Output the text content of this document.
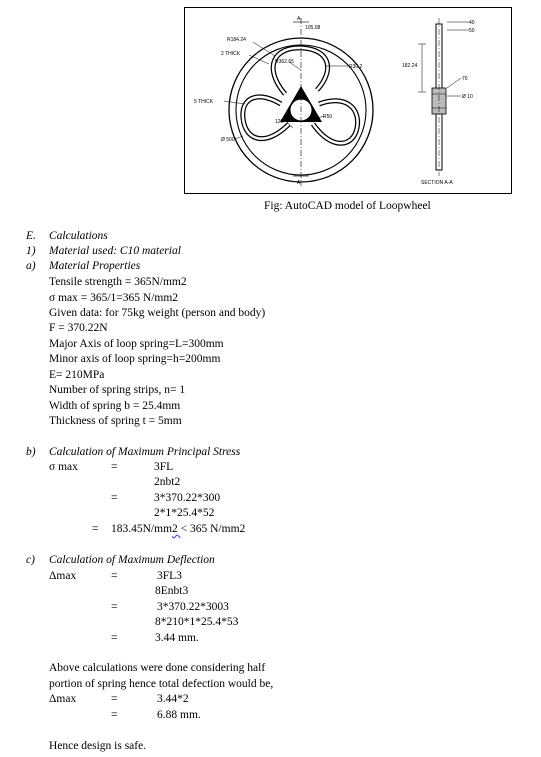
A
A
105.08
R184.24
2 THICK
R362.65
R30.2
5 THICK
R50
120
Ø 500
40
50
182.24
70
Ø 10
SECTION A-A
Fig: AutoCAD model of Loopwheel
E. Calculations
1) Material used: C10 material
a) Material Properties
Tensile strength = 365N/mm2
σ max = 365/1=365 N/mm2
Given data: for 75kg weight (person and body)
F = 370.22N
Major Axis of loop spring=L=300mm
Minor axis of loop spring=h=200mm
E= 210MPa
Number of spring strips, n= 1
Width of spring b = 25.4mm
Thickness of spring t = 5mm
b) Calculation of Maximum Principal Stress
σ max	=	3FL
2nbt2
=	3*370.22*300
2*1*25.4*52
= 183.45N/mm2 < 365 N/mm2
c) Calculation of Maximum Deflection
Δmax	=	3FL3
8Enbt3
=	3*370.22*3003
8*210*1*25.4*53
=	3.44 mm.
Above calculations were done considering half
portion of spring hence total defection would be,
Δmax	=	3.44*2
=	6.88 mm.
Hence design is safe.
